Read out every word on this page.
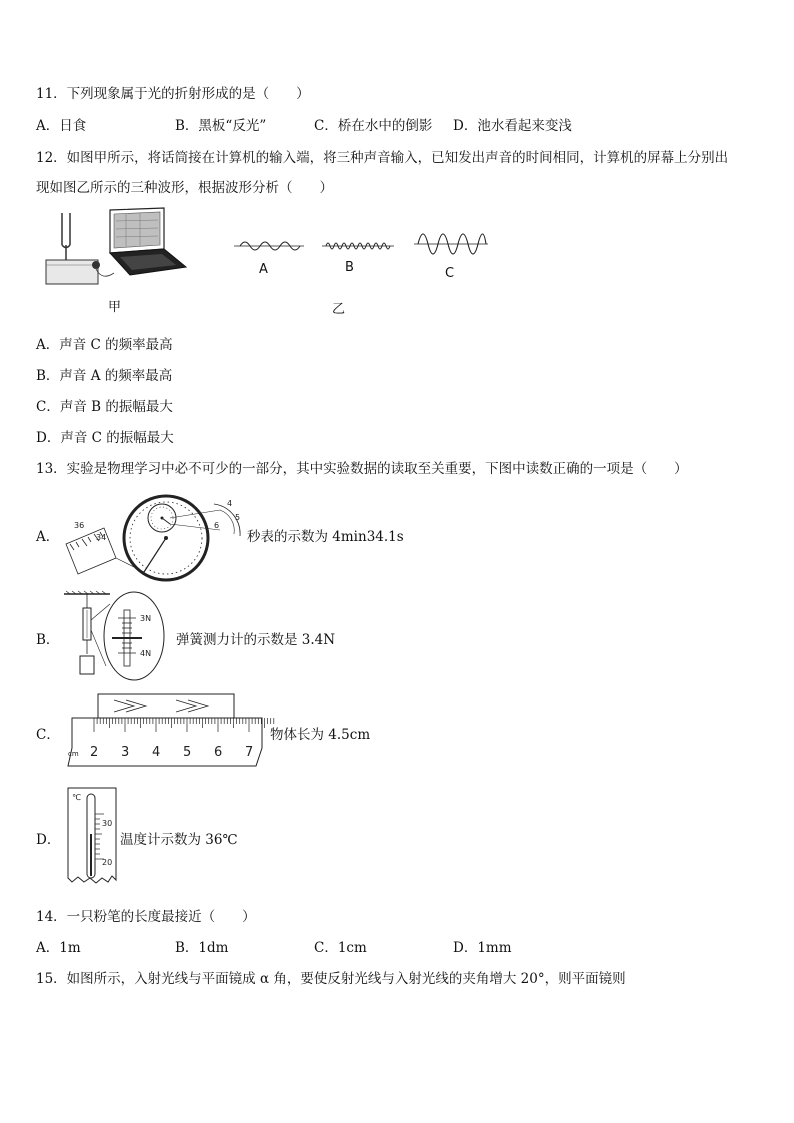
11．下列现象属于光的折射形成的是（　　）
A．日食	B．黑板“反光”	C．桥在水中的倒影 D．池水看起来变浅
12．如图甲所示，将话筒接在计算机的输入端，将三种声音输入，已知发出声音的时间相同，计算机的屏幕上分别出
现如图乙所示的三种波形，根据波形分析（　　）
甲
A	B	C
乙
A．声音 C 的频率最高
B．声音 A 的频率最高
C．声音 B 的振幅最大
D．声音 C 的振幅最大
13．实验是物理学习中必不可少的一部分，其中实验数据的读取至关重要，下图中读数正确的一项是（　　）
A．
36
34
4
5
6
秒表的示数为 4min34.1s
B．
3N
4N
弹簧测力计的示数是 3.4N
C．
cm 2 3 4 5 6 7
物体长为 4.5cm
D．
℃
30
20
温度计示数为 36℃
14．一只粉笔的长度最接近（　　）
A．1m	B．1dm	C．1cm	D．1mm
15．如图所示，入射光线与平面镜成 α 角，要使反射光线与入射光线的夹角增大 20°，则平面镜则
